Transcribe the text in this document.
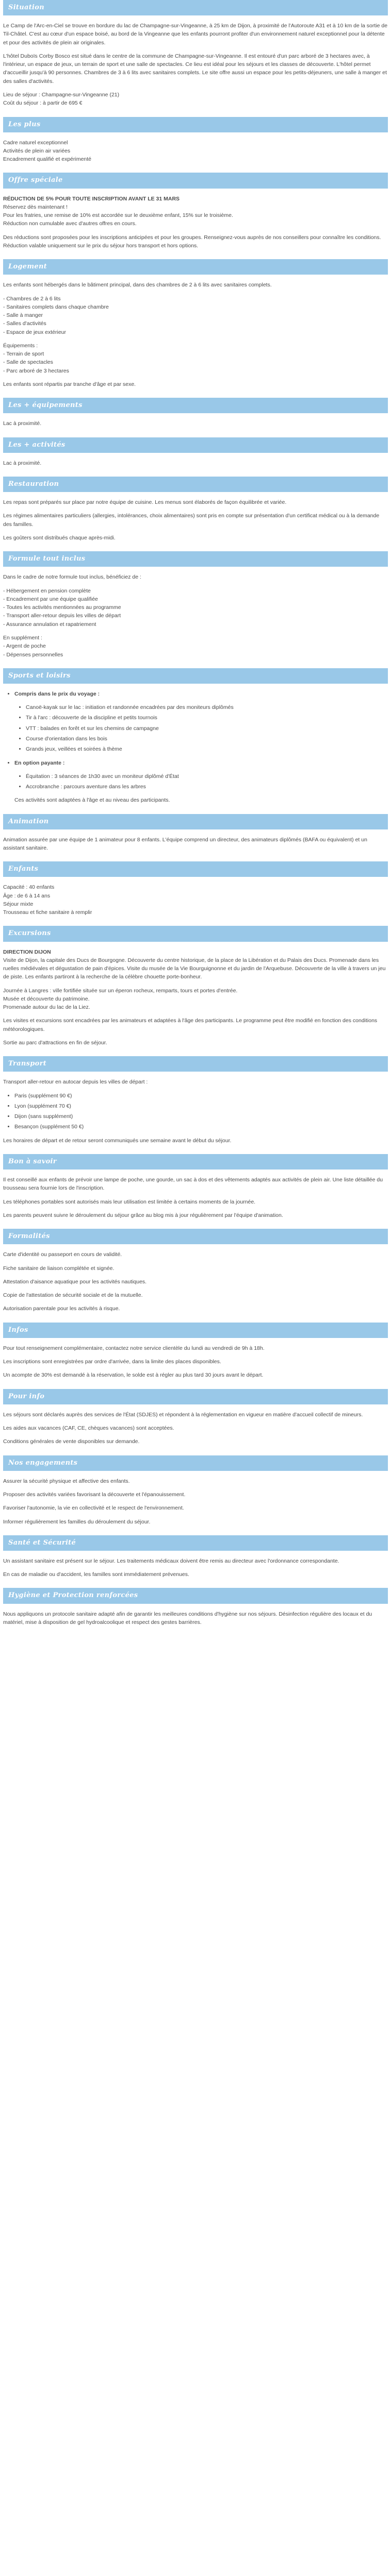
Situation

Le Camp de l'Arc-en-Ciel se trouve en bordure du lac de Champagne-sur-Vingeanne, à 25 km de Dijon, à proximité de l'Autoroute A31 et à 10 km de la sortie de Til-Châtel. C'est au cœur d'un espace boisé, au bord de la Vingeanne que les enfants pourront profiter d'un environnement naturel exceptionnel pour la détente et pour des activités de plein air originales.

L'hôtel Duboïs Corby Bosco est situé dans le centre de la commune de Champagne-sur-Vingeanne. Il est entouré d'un parc arboré de 3 hectares avec, à l'intérieur, un espace de jeux, un terrain de sport et une salle de spectacles. Ce lieu est idéal pour les séjours et les classes de découverte. L'hôtel permet d'accueillir jusqu'à 90 personnes. Chambres de 3 à 6 lits avec sanitaires complets. Le site offre aussi un espace pour les petits-déjeuners, une salle à manger et des salles d'activités.

Lieu de séjour : Champagne-sur-Vingeanne (21)

Coût du séjour : à partir de 695 €

Les plus

Cadre naturel exceptionnel

Activités de plein air variées

Encadrement qualifié et expérimenté

Offre spéciale

RÉDUCTION DE 5% POUR TOUTE INSCRIPTION AVANT LE 31 MARS

Réservez dès maintenant !

Pour les fratries, une remise de 10% est accordée sur le deuxième enfant, 15% sur le troisième.

Réduction non cumulable avec d'autres offres en cours.

Des réductions sont proposées pour les inscriptions anticipées et pour les groupes. Renseignez-vous auprès de nos conseillers pour connaître les conditions. Réduction valable uniquement sur le prix du séjour hors transport et hors options.

Logement

Les enfants sont hébergés dans le bâtiment principal, dans des chambres de 2 à 6 lits avec sanitaires complets.

- Chambres de 2 à 6 lits

- Sanitaires complets dans chaque chambre

- Salle à manger

- Salles d'activités

- Espace de jeux extérieur

Équipements :

- Terrain de sport

- Salle de spectacles

- Parc arboré de 3 hectares

Les enfants sont répartis par tranche d'âge et par sexe.

Les + équipements

Lac à proximité.

Les + activités

Lac à proximité.

Restauration

Les repas sont préparés sur place par notre équipe de cuisine. Les menus sont élaborés de façon équilibrée et variée.

Les régimes alimentaires particuliers (allergies, intolérances, choix alimentaires) sont pris en compte sur présentation d'un certificat médical ou à la demande des familles.

Les goûters sont distribués chaque après-midi.

Formule tout inclus

Dans le cadre de notre formule tout inclus, bénéficiez de :

- Hébergement en pension complète

- Encadrement par une équipe qualifiée

- Toutes les activités mentionnées au programme

- Transport aller-retour depuis les villes de départ

- Assurance annulation et rapatriement

En supplément :

- Argent de poche

- Dépenses personnelles

Sports et loisirs
• Compris dans le prix du voyage :
• Canoë-kayak sur le lac : initiation et randonnée encadrées par des moniteurs diplômés
• Tir à l'arc : découverte de la discipline et petits tournois
• VTT : balades en forêt et sur les chemins de campagne
• Course d'orientation dans les bois
• Grands jeux, veillées et soirées à thème
• En option payante :
• Équitation : 3 séances de 1h30 avec un moniteur diplômé d'État
• Accrobranche : parcours aventure dans les arbres

Ces activités sont adaptées à l'âge et au niveau des participants.

Animation

Animation assurée par une équipe de 1 animateur pour 8 enfants. L'équipe comprend un directeur, des animateurs diplômés (BAFA ou équivalent) et un assistant sanitaire.

Enfants

Capacité : 40 enfants

Âge : de 6 à 14 ans

Séjour mixte

Trousseau et fiche sanitaire à remplir

Excursions

DIRECTION DIJON

Visite de Dijon, la capitale des Ducs de Bourgogne. Découverte du centre historique, de la place de la Libération et du Palais des Ducs. Promenade dans les ruelles médiévales et dégustation de pain d'épices. Visite du musée de la Vie Bourguignonne et du jardin de l'Arquebuse. Découverte de la ville à travers un jeu de piste. Les enfants partiront à la recherche de la célèbre chouette porte-bonheur.

Journée à Langres : ville fortifiée située sur un éperon rocheux, remparts, tours et portes d'entrée.

Musée et découverte du patrimoine.

Promenade autour du lac de la Liez.

Les visites et excursions sont encadrées par les animateurs et adaptées à l'âge des participants. Le programme peut être modifié en fonction des conditions météorologiques.

Sortie au parc d'attractions en fin de séjour.

Transport

Transport aller-retour en autocar depuis les villes de départ :

• Paris (supplément 90 €)
• Lyon (supplément 70 €)
• Dijon (sans supplément)
• Besançon (supplément 50 €)

Les horaires de départ et de retour seront communiqués une semaine avant le début du séjour.

Bon à savoir

Il est conseillé aux enfants de prévoir une lampe de poche, une gourde, un sac à dos et des vêtements adaptés aux activités de plein air. Une liste détaillée du trousseau sera fournie lors de l'inscription.

Les téléphones portables sont autorisés mais leur utilisation est limitée à certains moments de la journée.

Les parents peuvent suivre le déroulement du séjour grâce au blog mis à jour régulièrement par l'équipe d'animation.

Formalités

Carte d'identité ou passeport en cours de validité.

Fiche sanitaire de liaison complétée et signée.

Attestation d'aisance aquatique pour les activités nautiques.

Copie de l'attestation de sécurité sociale et de la mutuelle.

Autorisation parentale pour les activités à risque.

Infos

Pour tout renseignement complémentaire, contactez notre service clientèle du lundi au vendredi de 9h à 18h.

Les inscriptions sont enregistrées par ordre d'arrivée, dans la limite des places disponibles.

Un acompte de 30% est demandé à la réservation, le solde est à régler au plus tard 30 jours avant le départ.

Pour info

Les séjours sont déclarés auprès des services de l'État (SDJES) et répondent à la réglementation en vigueur en matière d'accueil collectif de mineurs.

Les aides aux vacances (CAF, CE, chèques vacances) sont acceptées.

Conditions générales de vente disponibles sur demande.

Nos engagements

Assurer la sécurité physique et affective des enfants.

Proposer des activités variées favorisant la découverte et l'épanouissement.

Favoriser l'autonomie, la vie en collectivité et le respect de l'environnement.

Informer régulièrement les familles du déroulement du séjour.

Santé et Sécurité

Un assistant sanitaire est présent sur le séjour. Les traitements médicaux doivent être remis au directeur avec l'ordonnance correspondante.

En cas de maladie ou d'accident, les familles sont immédiatement prévenues.

Hygiène et Protection renforcées

Nous appliquons un protocole sanitaire adapté afin de garantir les meilleures conditions d'hygiène sur nos séjours. Désinfection régulière des locaux et du matériel, mise à disposition de gel hydroalcoolique et respect des gestes barrières.
